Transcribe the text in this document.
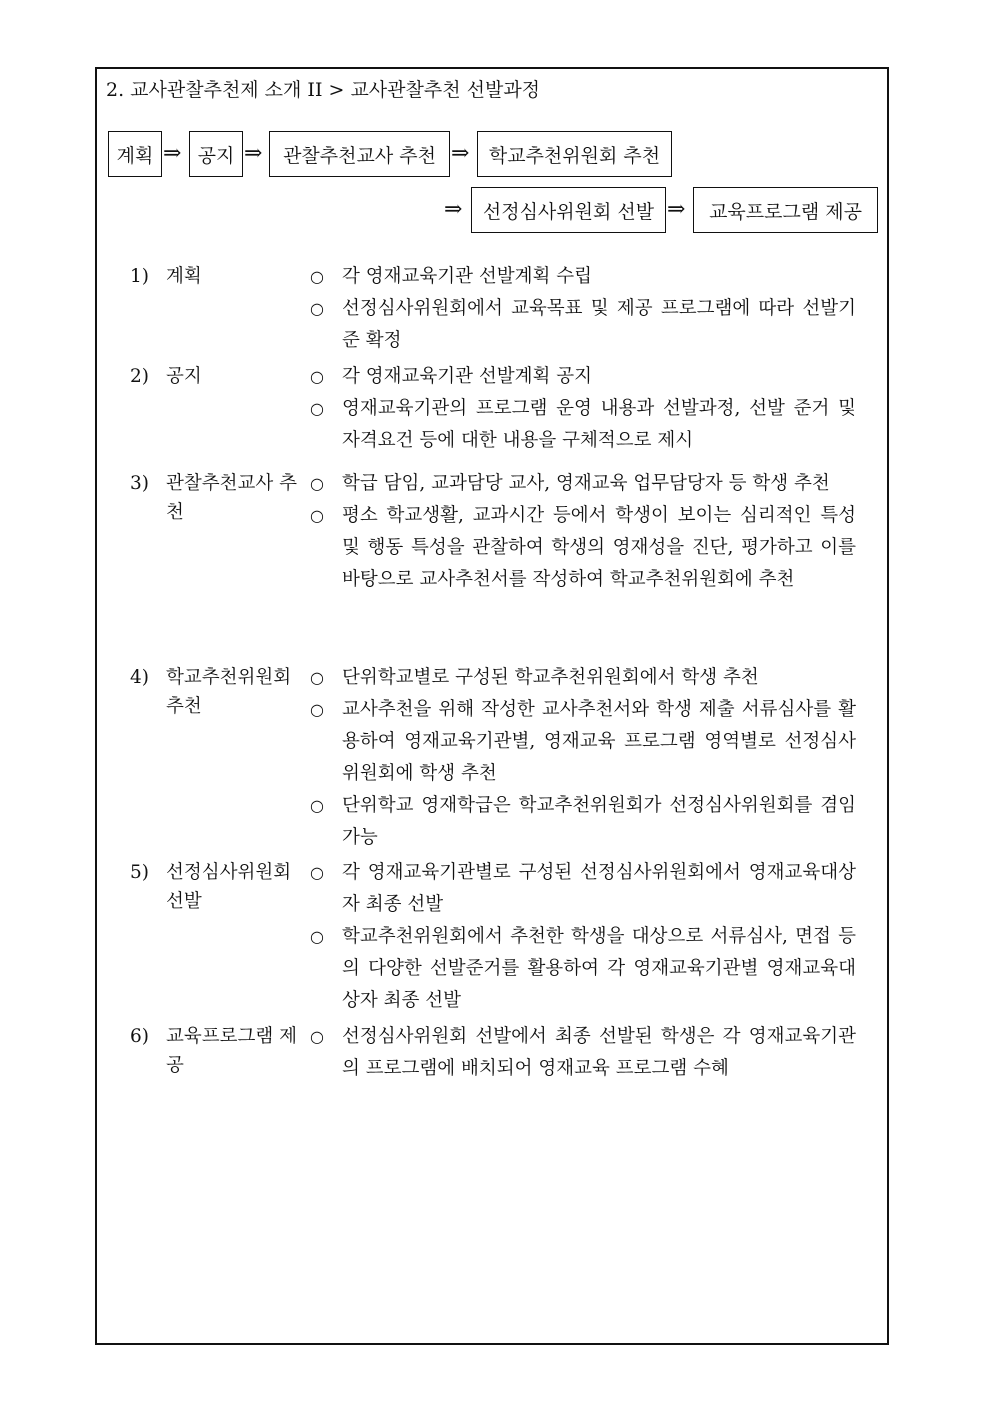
2. 교사관찰추천제 소개 II > 교사관찰추천 선발과정
계획 ⇒ 공지 ⇒	관찰추천교사 추천 ⇒	학교추천위원회 추천
⇒	선정심사위원회 선발 ⇒	교육프로그램 제공
1) 계획	○ 각 영재교육기관 선발계획 수립
○ 선정심사위원회에서 교육목표 및 제공 프로그램에 따라 선발기준 확정
2) 공지	○ 각 영재교육기관 선발계획 공지
○ 영재교육기관의 프로그램 운영 내용과 선발과정, 선발 준거 및 자격요건 등에 대한 내용을 구체적으로 제시
3) 관찰추천교사 추천
○ 학급 담임, 교과담당 교사, 영재교육 업무담당자 등 학생 추천
○ 평소 학교생활, 교과시간 등에서 학생이 보이는 심리적인 특성 및 행동 특성을 관찰하여 학생의 영재성을 진단, 평가하고 이를 바탕으로 교사추천서를 작성하여 학교추천위원회에 추천
4) 학교추천위원회 추천
○ 단위학교별로 구성된 학교추천위원회에서 학생 추천
○ 교사추천을 위해 작성한 교사추천서와 학생 제출 서류심사를 활용하여 영재교육기관별, 영재교육 프로그램 영역별로 선정심사위원회에 학생 추천
○ 단위학교 영재학급은 학교추천위원회가 선정심사위원회를 겸임 가능
5) 선정심사위원회 선발
○ 각 영재교육기관별로 구성된 선정심사위원회에서 영재교육대상자 최종 선발
○ 학교추천위원회에서 추천한 학생을 대상으로 서류심사, 면접 등의 다양한 선발준거를 활용하여 각 영재교육기관별 영재교육대상자 최종 선발
6) 교육프로그램 제공
○ 선정심사위원회 선발에서 최종 선발된 학생은 각 영재교육기관의 프로그램에 배치되어 영재교육 프로그램 수혜
